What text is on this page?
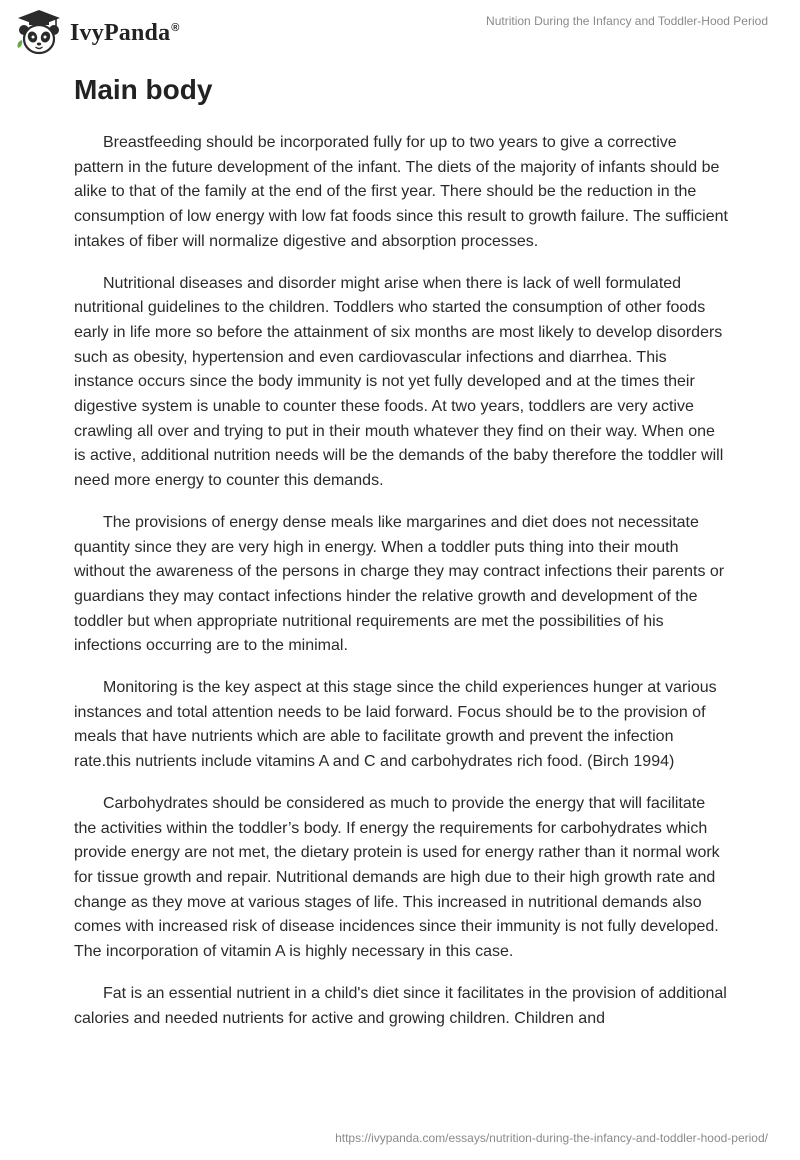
IvyPanda®	Nutrition During the Infancy and Toddler-Hood Period
Main body

Breastfeeding should be incorporated fully for up to two years to give a corrective pattern in the future development of the infant. The diets of the majority of infants should be alike to that of the family at the end of the first year. There should be the reduction in the consumption of low energy with low fat foods since this result to growth failure. The sufficient intakes of fiber will normalize digestive and absorption processes.

Nutritional diseases and disorder might arise when there is lack of well formulated nutritional guidelines to the children. Toddlers who started the consumption of other foods early in life more so before the attainment of six months are most likely to develop disorders such as obesity, hypertension and even cardiovascular infections and diarrhea. This instance occurs since the body immunity is not yet fully developed and at the times their digestive system is unable to counter these foods. At two years, toddlers are very active crawling all over and trying to put in their mouth whatever they find on their way. When one is active, additional nutrition needs will be the demands of the baby therefore the toddler will need more energy to counter this demands.

The provisions of energy dense meals like margarines and diet does not necessitate quantity since they are very high in energy. When a toddler puts thing into their mouth without the awareness of the persons in charge they may contract infections their parents or guardians they may contact infections hinder the relative growth and development of the toddler but when appropriate nutritional requirements are met the possibilities of his infections occurring are to the minimal.

Monitoring is the key aspect at this stage since the child experiences hunger at various instances and total attention needs to be laid forward. Focus should be to the provision of meals that have nutrients which are able to facilitate growth and prevent the infection rate.this nutrients include vitamins A and C and carbohydrates rich food. (Birch 1994)

Carbohydrates should be considered as much to provide the energy that will facilitate the activities within the toddler’s body. If energy the requirements for carbohydrates which provide energy are not met, the dietary protein is used for energy rather than it normal work for tissue growth and repair. Nutritional demands are high due to their high growth rate and change as they move at various stages of life. This increased in nutritional demands also comes with increased risk of disease incidences since their immunity is not fully developed. The incorporation of vitamin A is highly necessary in this case.

Fat is an essential nutrient in a child's diet since it facilitates in the provision of additional calories and needed nutrients for active and growing children. Children and

https://ivypanda.com/essays/nutrition-during-the-infancy-and-toddler-hood-period/
